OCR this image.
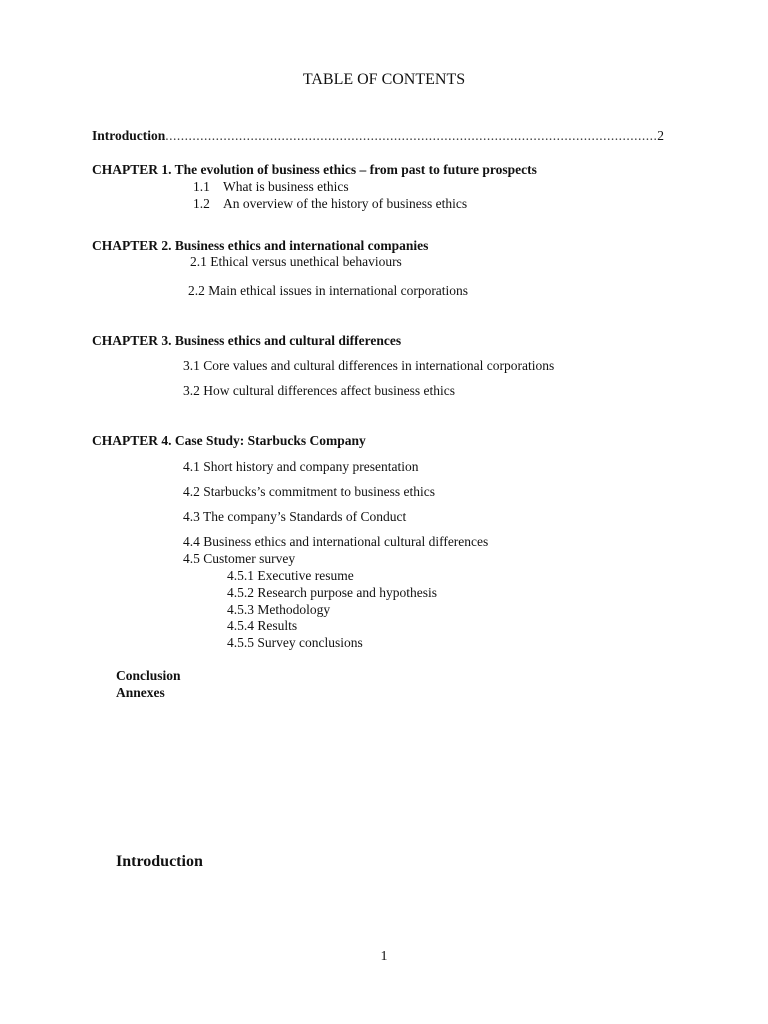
TABLE OF CONTENTS
Introduction
.....	2
CHAPTER 1. The evolution of business ethics – from past to future prospects
1.1 What is business ethics
1.2 An overview of the history of business ethics
CHAPTER 2. Business ethics and international companies
2.1 Ethical versus unethical behaviours
2.2 Main ethical issues in international corporations
CHAPTER 3. Business ethics and cultural differences
3.1 Core values and cultural differences in international corporations
3.2 How cultural differences affect business ethics
CHAPTER 4. Case Study: Starbucks Company
4.1 Short history and company presentation
4.2 Starbucks’s commitment to business ethics
4.3 The company’s Standards of Conduct
4.4 Business ethics and international cultural differences
4.5 Customer survey
4.5.1 Executive resume
4.5.2 Research purpose and hypothesis
4.5.3 Methodology
4.5.4 Results
4.5.5 Survey conclusions
Conclusion
Annexes
Introduction
1
